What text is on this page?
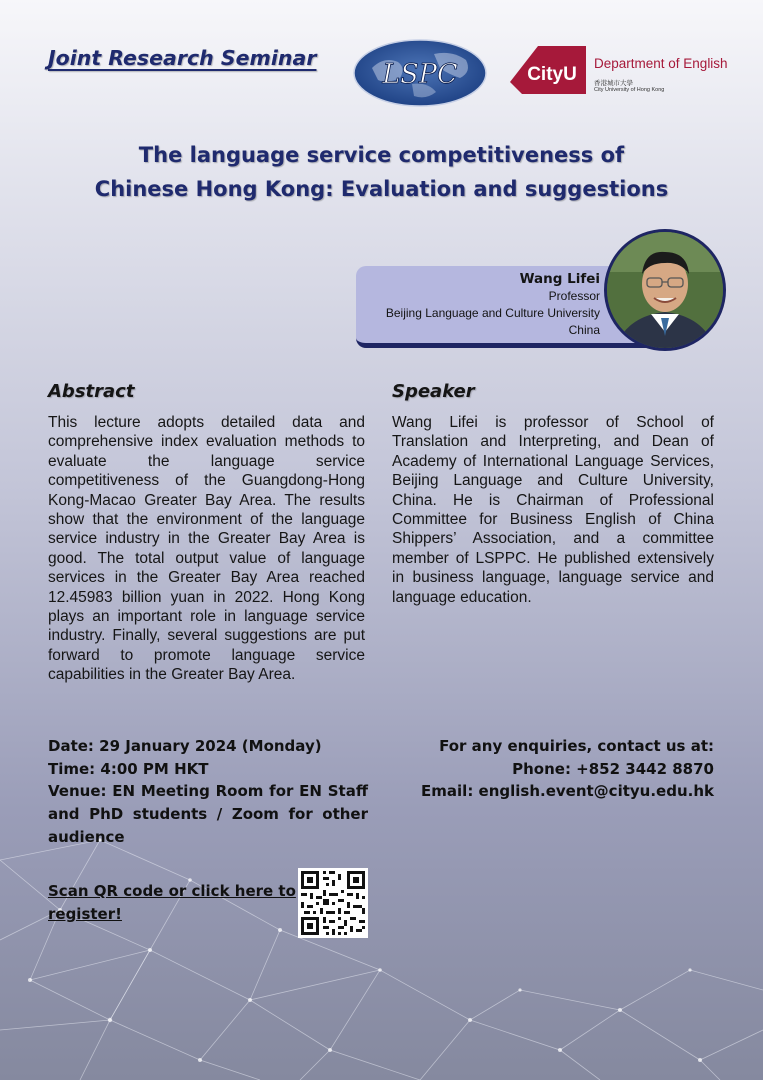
Joint Research Seminar
LSPC	CityU
Department of English
香港城市大學
City University of Hong Kong
The language service competitiveness of
Chinese Hong Kong: Evaluation and suggestions
Wang Lifei
Professor
Beijing Language and Culture University
China
Abstract
This lecture adopts detailed data and comprehensive index evaluation methods to evaluate the language service competitiveness of the Guangdong-Hong Kong-Macao Greater Bay Area. The results show that the environment of the language service industry in the Greater Bay Area is good. The total output value of language services in the Greater Bay Area reached 12.45983 billion yuan in 2022. Hong Kong plays an important role in language service industry. Finally, several suggestions are put forward to promote language service capabilities in the Greater Bay Area.
Speaker
Wang Lifei is professor of School of Translation and Interpreting, and Dean of Academy of International Language Services, Beijing Language and Culture University, China. He is Chairman of Professional Committee for Business English of China Shippers’ Association, and a committee member of LSPPC. He published extensively in business language, language service and language education.
Date: 29 January 2024 (Monday)
Time: 4:00 PM HKT
Venue: EN Meeting Room for EN Staff and PhD students / Zoom for other audience
For any enquiries, contact us at:
Phone: +852 3442 8870
Email: english.event@cityu.edu.hk
Scan QR code or click here to register!
